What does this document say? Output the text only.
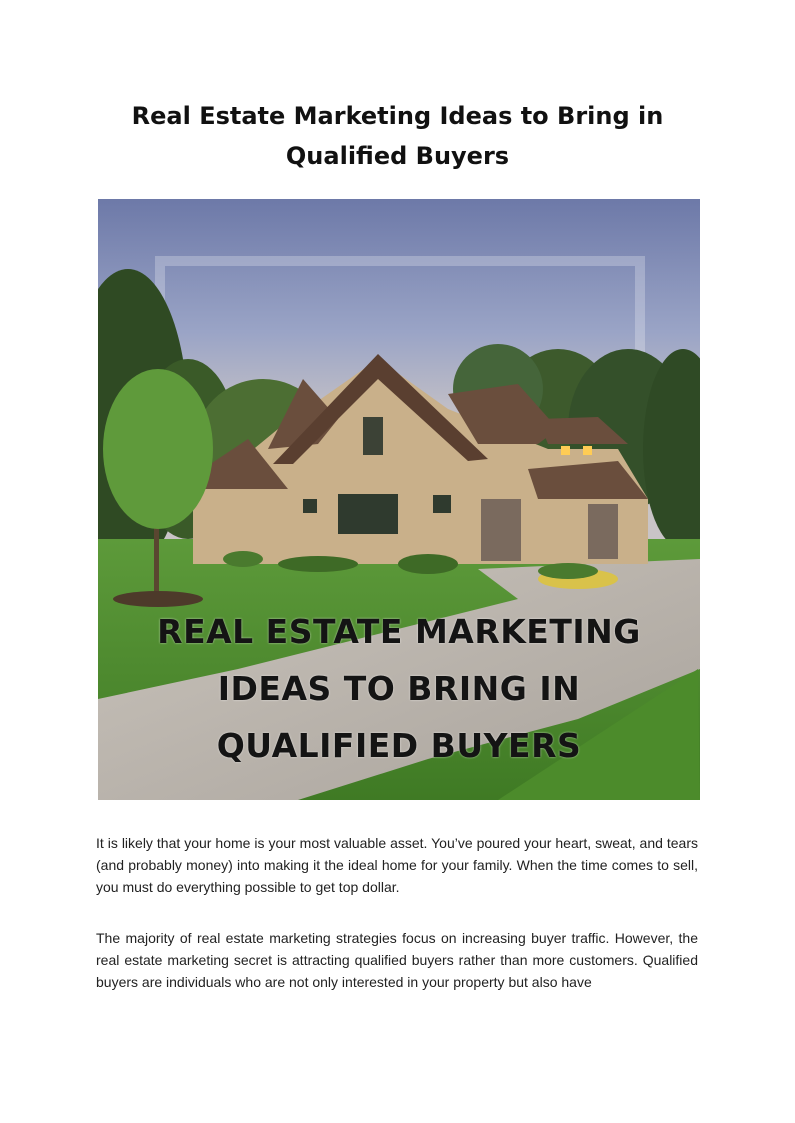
Real Estate Marketing Ideas to Bring in Qualified Buyers
REAL ESTATE MARKETING
IDEAS TO BRING IN
QUALIFIED BUYERS

It is likely that your home is your most valuable asset. You’ve poured your heart, sweat, and tears (and probably money) into making it the ideal home for your family. When the time comes to sell, you must do everything possible to get top dollar.

The majority of real estate marketing strategies focus on increasing buyer traffic. However, the real estate marketing secret is attracting qualified buyers rather than more customers. Qualified buyers are individuals who are not only interested in your property but also have
